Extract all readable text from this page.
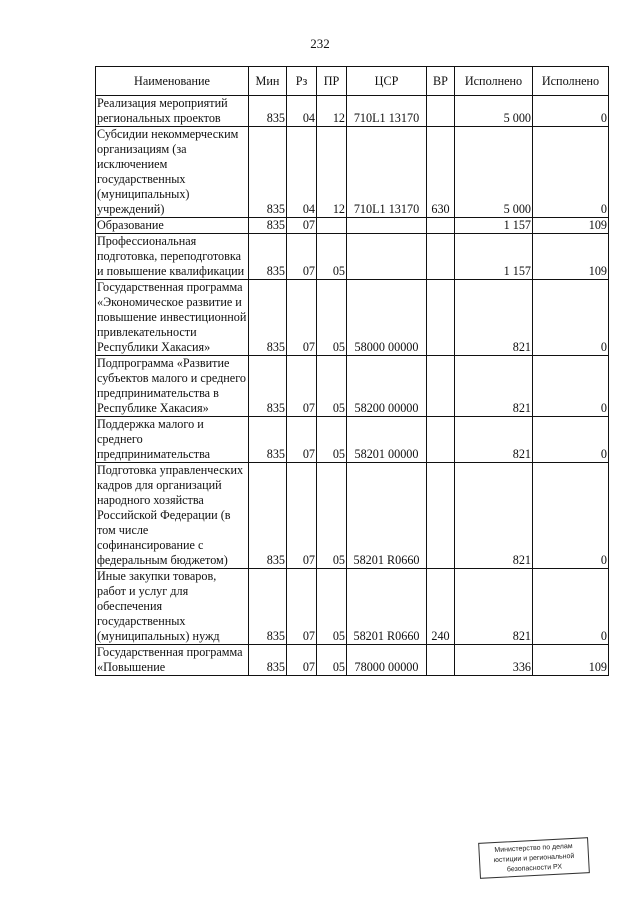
232
Наименование	Мин	Рз	ПР	ЦСР	ВР	Исполнено	Исполнено
Реализация мероприятий региональных проектов	835	04	12	710L1 13170		5 000	0
Субсидии некоммерческим организациям (за исключением государственных (муниципальных) учреждений)	835	04	12	710L1 13170	630	5 000	0
Образование	835	07				1 157	109
Профессиональная подготовка, переподготовка и повышение квалификации	835	07	05			1 157	109
Государственная программа «Экономическое развитие и повышение инвестиционной привлекательности Республики Хакасия»	835	07	05	58000 00000		821	0
Подпрограмма «Развитие субъектов малого и среднего предпринимательства в Республике Хакасия»	835	07	05	58200 00000		821	0
Поддержка малого и среднего предпринимательства	835	07	05	58201 00000		821	0
Подготовка управленческих кадров для организаций народного хозяйства Российской Федерации (в том числе софинансирование с федеральным бюджетом)	835	07	05	58201 R0660		821	0
Иные закупки товаров, работ и услуг для обеспечения государственных (муниципальных) нужд	835	07	05	58201 R0660	240	821	0
Государственная программа «Повышение	835	07	05	78000 00000		336	109
Министерство по делам
юстиции и региональной
безопасности РХ
